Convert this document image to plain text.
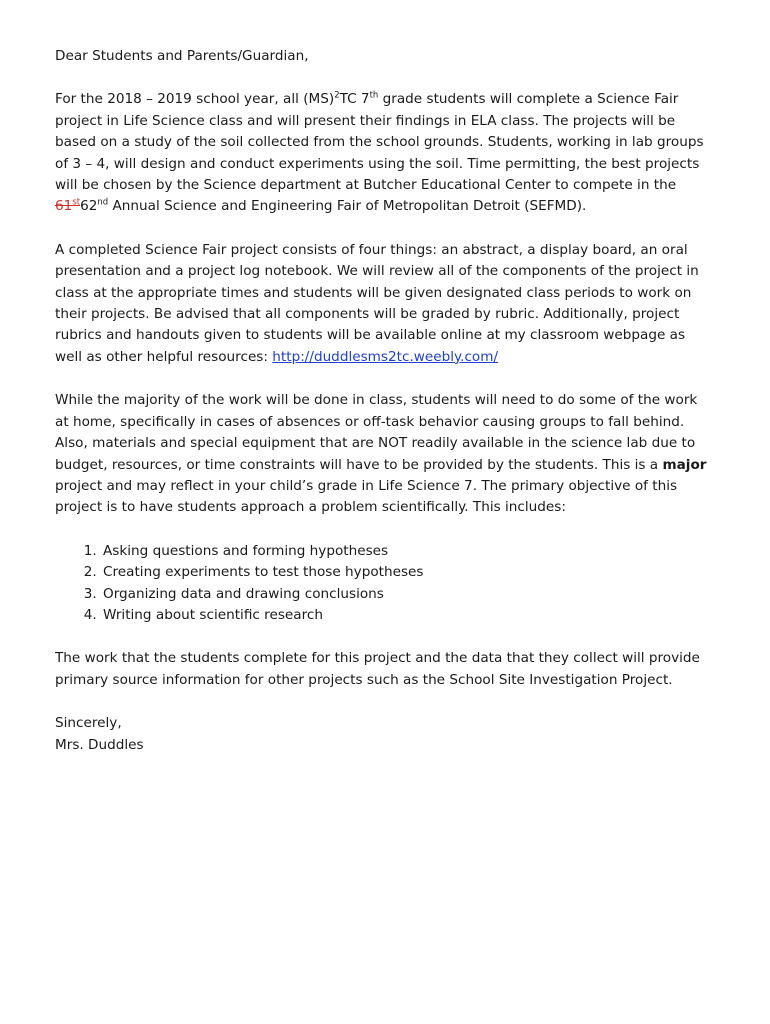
Dear Students and Parents/Guardian,

For the 2018 – 2019 school year, all (MS)$^2$TC 7th grade students will complete a Science Fair project in Life Science class and will present their findings in ELA class. The projects will be based on a study of the soil collected from the school grounds. Students, working in lab groups of 3 – 4, will design and conduct experiments using the soil. Time permitting, the best projects will be chosen by the Science department at Butcher Educational Center to compete in the 61st62nd Annual Science and Engineering Fair of Metropolitan Detroit (SEFMD).

A completed Science Fair project consists of four things: an abstract, a display board, an oral presentation and a project log notebook. We will review all of the components of the project in class at the appropriate times and students will be given designated class periods to work on their projects. Be advised that all components will be graded by rubric. Additionally, project rubrics and handouts given to students will be available online at my classroom webpage as well as other helpful resources: http://duddlesms2tc.weebly.com/

While the majority of the work will be done in class, students will need to do some of the work at home, specifically in cases of absences or off-task behavior causing groups to fall behind. Also, materials and special equipment that are NOT readily available in the science lab due to budget, resources, or time constraints will have to be provided by the students. This is a major project and may reflect in your child’s grade in Life Science 7. The primary objective of this project is to have students approach a problem scientifically. This includes:

1. Asking questions and forming hypotheses
2. Creating experiments to test those hypotheses
3. Organizing data and drawing conclusions
4. Writing about scientific research

The work that the students complete for this project and the data that they collect will provide primary source information for other projects such as the School Site Investigation Project.

Sincerely,

Mrs. Duddles
